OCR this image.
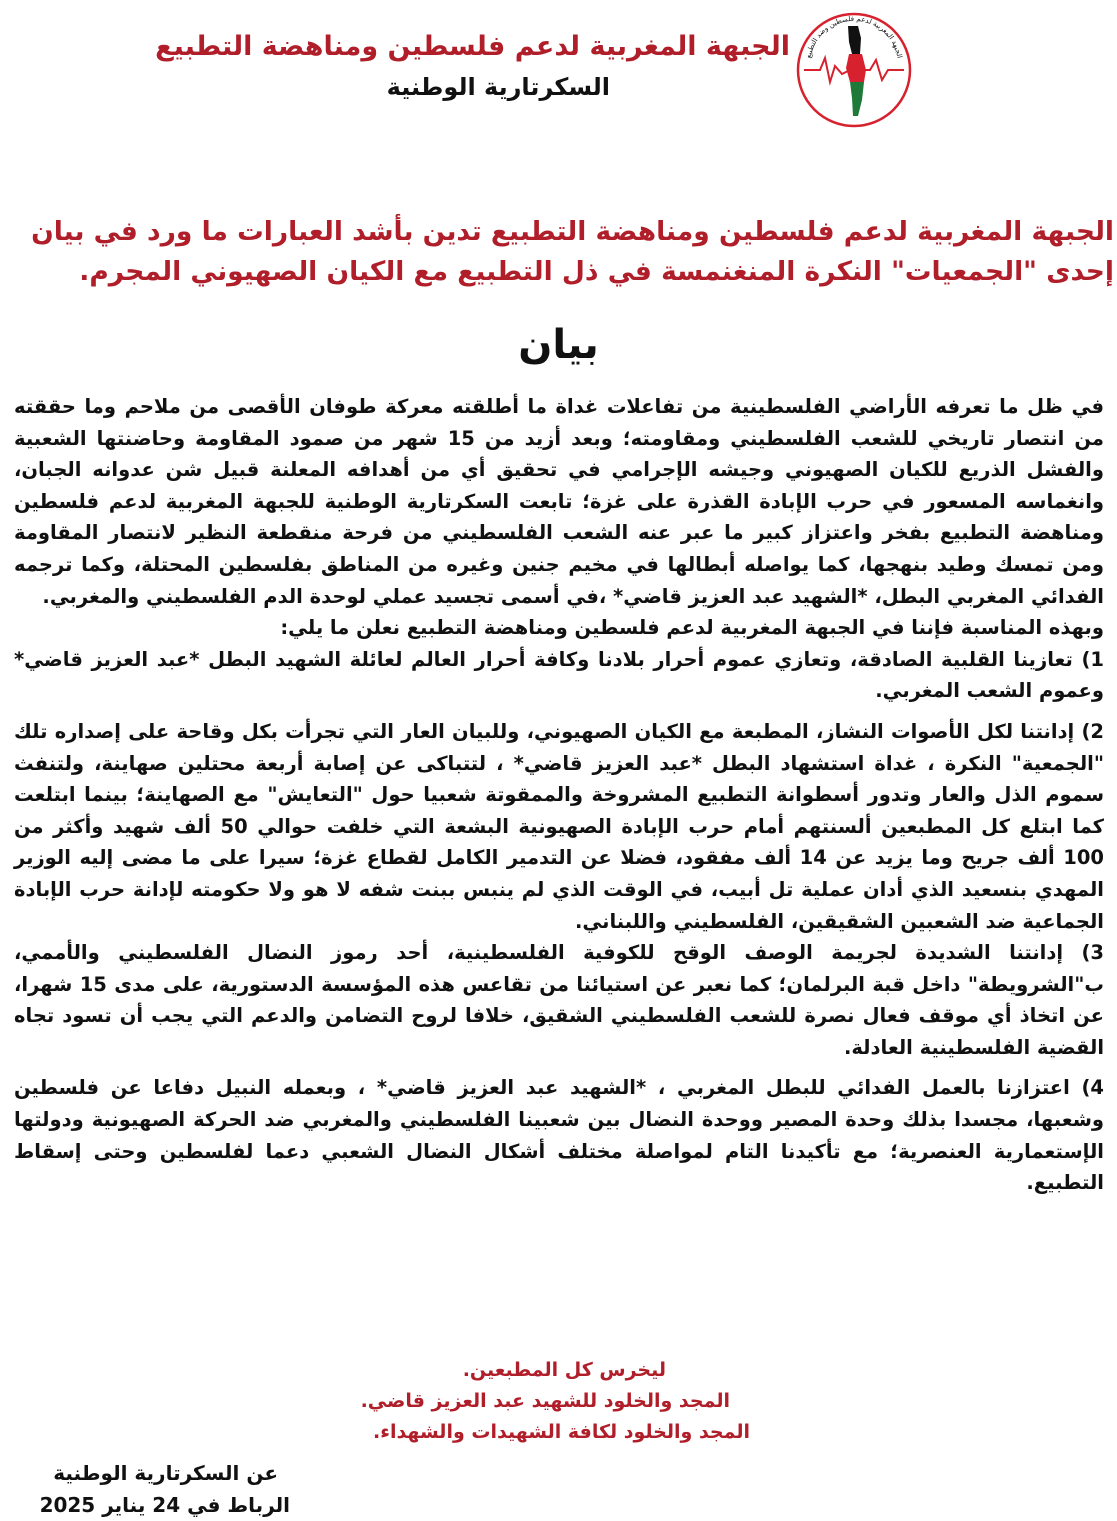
الجبهة المغربية لدعم فلسطين ومناهضة التطبيع
السكرتارية الوطنية
الجبهة المغربية لدعم فلسطين وضد التطبيع
الجبهة المغربية لدعم فلسطين ومناهضة التطبيع تدين بأشد العبارات ما ورد في بيان
إحدى "الجمعيات" النكرة المنغنمسة في ذل التطبيع مع الكيان الصهيوني المجرم.
بيان

في ظل ما تعرفه الأراضي الفلسطينية من تفاعلات غداة ما أطلقته معركة طوفان الأقصى من ملاحم وما حققته من انتصار تاريخي للشعب الفلسطيني ومقاومته؛ وبعد أزيد من 15 شهر من صمود المقاومة وحاضنتها الشعبية والفشل الذريع للكيان الصهيوني وجيشه الإجرامي في تحقيق أي من أهدافه المعلنة قبيل شن عدوانه الجبان، وانغماسه المسعور في حرب الإبادة القذرة على غزة؛ تابعت السكرتارية الوطنية للجبهة المغربية لدعم فلسطين ومناهضة التطبيع بفخر واعتزاز كبير ما عبر عنه الشعب الفلسطيني من فرحة منقطعة النظير لانتصار المقاومة ومن تمسك وطيد بنهجها، كما يواصله أبطالها في مخيم جنين وغيره من المناطق بفلسطين المحتلة، وكما ترجمه الفدائي المغربي البطل، *الشهيد عبد العزيز قاضي* ،في أسمى تجسيد عملي لوحدة الدم الفلسطيني والمغربي.

وبهذه المناسبة فإننا في الجبهة المغربية لدعم فلسطين ومناهضة التطبيع نعلن ما يلي:

1) تعازينا القلبية الصادقة، وتعازي عموم أحرار بلادنا وكافة أحرار العالم لعائلة الشهيد البطل *عبد العزيز قاضي* وعموم الشعب المغربي.

2) إدانتنا لكل الأصوات النشاز، المطبعة مع الكيان الصهيوني، وللبيان العار التي تجرأت بكل وقاحة على إصداره تلك "الجمعية" النكرة ، غداة استشهاد البطل *عبد العزيز قاضي* ، لتتباكى عن إصابة أربعة محتلين صهاينة، ولتنفث سموم الذل والعار وتدور أسطوانة التطبيع المشروخة والممقوتة شعبيا حول "التعايش" مع الصهاينة؛ بينما ابتلعت كما ابتلع كل المطبعين ألسنتهم أمام حرب الإبادة الصهيونية البشعة التي خلفت حوالي 50 ألف شهيد وأكثر من 100 ألف جريح وما يزيد عن 14 ألف مفقود، فضلا عن التدمير الكامل لقطاع غزة؛ سيرا على ما مضى إليه الوزير المهدي بنسعيد الذي أدان عملية تل أبيب، في الوقت الذي لم ينبس ببنت شفه لا هو ولا حكومته لإدانة حرب الإبادة الجماعية ضد الشعبين الشقيقين، الفلسطيني واللبناني.

3) إدانتنا الشديدة لجريمة الوصف الوقح للكوفية الفلسطينية، أحد رموز النضال الفلسطيني والأممي، ب"الشرويطة" داخل قبة البرلمان؛ كما نعبر عن استيائنا من تقاعس هذه المؤسسة الدستورية، على مدى 15 شهرا، عن اتخاذ أي موقف فعال نصرة للشعب الفلسطيني الشقيق، خلافا لروح التضامن والدعم التي يجب أن تسود تجاه القضية الفلسطينية العادلة.

4) اعتزازنا بالعمل الفدائي للبطل المغربي ، *الشهيد عبد العزيز قاضي* ، وبعمله النبيل دفاعا عن فلسطين وشعبها، مجسدا بذلك وحدة المصير ووحدة النضال بين شعبينا الفلسطيني والمغربي ضد الحركة الصهيونية ودولتها الإستعمارية العنصرية؛ مع تأكيدنا التام لمواصلة مختلف أشكال النضال الشعبي دعما لفلسطين وحتى إسقاط التطبيع.

ليخرس كل المطبعين.
المجد والخلود للشهيد عبد العزيز قاضي.
المجد والخلود لكافة الشهيدات والشهداء.
عن السكرتارية الوطنية
الرباط في 24 يناير 2025
